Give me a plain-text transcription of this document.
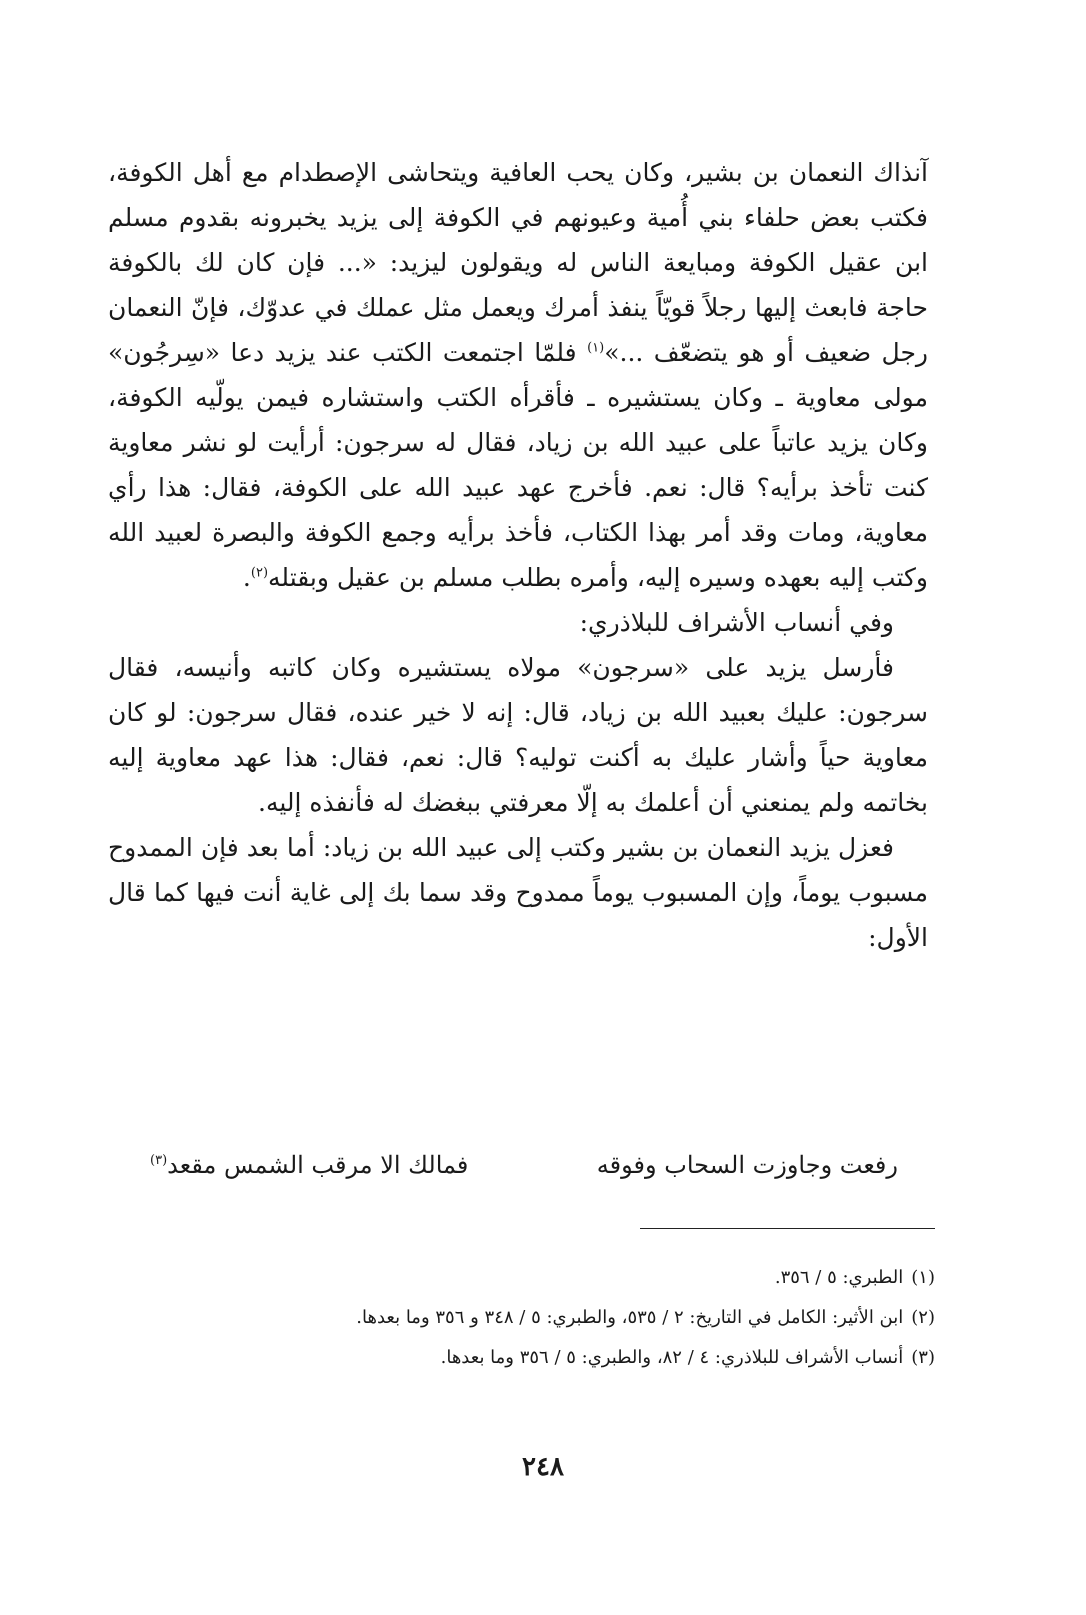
آنذاك النعمان بن بشير، وكان يحب العافية ويتحاشى الإصطدام مع أهل الكوفة، فكتب بعض حلفاء بني أُمية وعيونهم في الكوفة إلى يزيد يخبرونه بقدوم مسلم ابن عقيل الكوفة ومبايعة الناس له ويقولون ليزيد: «... فإن كان لك بالكوفة حاجة فابعث إليها رجلاً قويّاً ينفذ أمرك ويعمل مثل عملك في عدوّك، فإنّ النعمان رجل ضعيف أو هو يتضعّف ...»$^{(١)}$ فلمّا اجتمعت الكتب عند يزيد دعا «سِرجُون» مولى معاوية ـ وكان يستشيره ـ فأقرأه الكتب واستشاره فيمن يولّيه الكوفة، وكان يزيد عاتباً على عبيد الله بن زياد، فقال له سرجون: أرأيت لو نشر معاوية كنت تأخذ برأيه؟ قال: نعم. فأخرج عهد عبيد الله على الكوفة، فقال: هذا رأي معاوية، ومات وقد أمر بهذا الكتاب، فأخذ برأيه وجمع الكوفة والبصرة لعبيد الله وكتب إليه بعهده وسيره إليه، وأمره بطلب مسلم بن عقيل وبقتله$^{(٢)}$.

وفي أنساب الأشراف للبلاذري:

فأرسل يزيد على «سرجون» مولاه يستشيره وكان كاتبه وأنيسه، فقال سرجون: عليك بعبيد الله بن زياد، قال: إنه لا خير عنده، فقال سرجون: لو كان معاوية حياً وأشار عليك به أكنت توليه؟ قال: نعم، فقال: هذا عهد معاوية إليه بخاتمه ولم يمنعني أن أعلمك به إلّا معرفتي ببغضك له فأنفذه إليه.

فعزل يزيد النعمان بن بشير وكتب إلى عبيد الله بن زياد: أما بعد فإن الممدوح مسبوب يوماً، وإن المسبوب يوماً ممدوح وقد سما بك إلى غاية أنت فيها كما قال الأول:

رفعت وجاوزت السحاب وفوقه
فمالك الا مرقب الشمس مقعد$^{(٣)}$

(١)الطبري: ٥ / ٣٥٦.

(٢)ابن الأثير: الكامل في التاريخ: ٢ / ٥٣٥، والطبري: ٥ / ٣٤٨ و ٣٥٦ وما بعدها.

(٣)أنساب الأشراف للبلاذري: ٤ / ٨٢، والطبري: ٥ / ٣٥٦ وما بعدها.

٢٤٨
